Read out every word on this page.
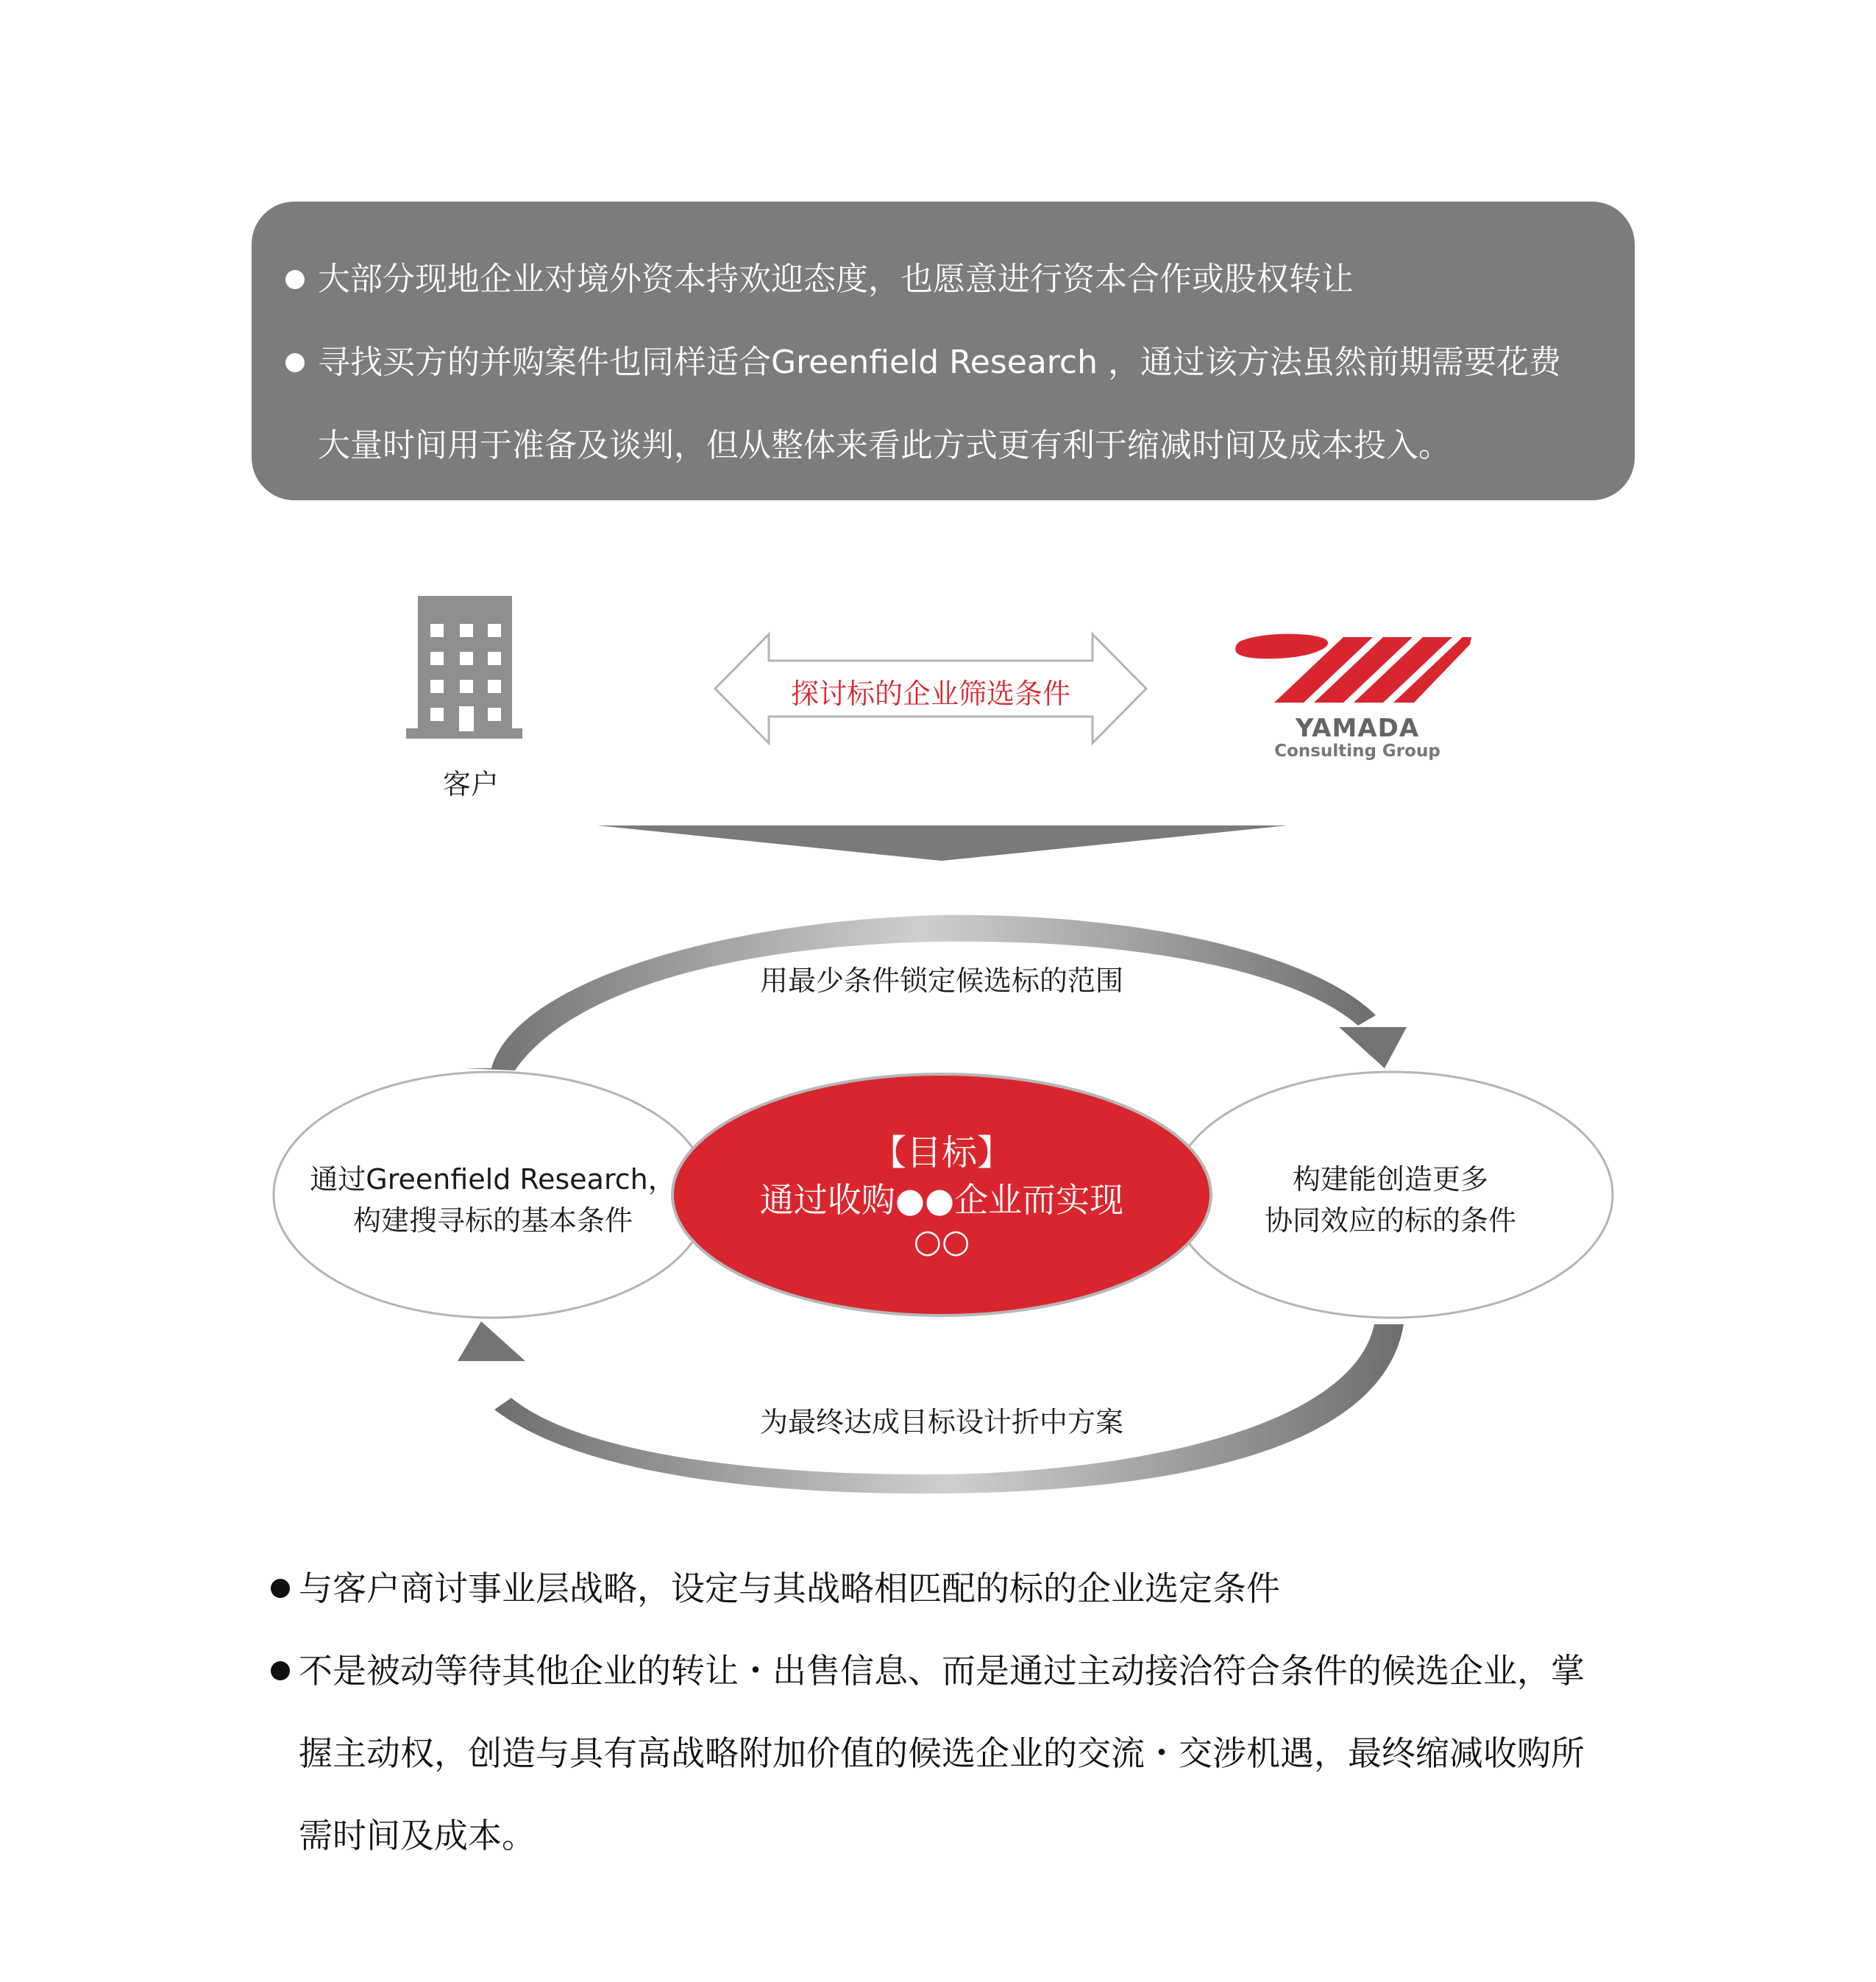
大部分现地企业对境外资本持欢迎态度，也愿意进行资本合作或股权转让
寻找买方的并购案件也同样适合Greenfield Research ，通过该方法虽然前期需要花费
大量时间用于准备及谈判，但从整体来看此方式更有利于缩减时间及成本投入。
客户
探讨标的企业筛选条件
YAMADA
Consulting Group
用最少条件锁定候选标的范围
为最终达成目标设计折中方案
通过Greenfield Research，
构建搜寻标的基本条件
【目标】
通过收购●●企业而实现
○○
构建能创造更多
协同效应的标的条件
与客户商讨事业层战略，设定与其战略相匹配的标的企业选定条件
不是被动等待其他企业的转让・出售信息、而是通过主动接洽符合条件的候选企业，掌
握主动权，创造与具有高战略附加价值的候选企业的交流・交涉机遇，最终缩减收购所
需时间及成本。
